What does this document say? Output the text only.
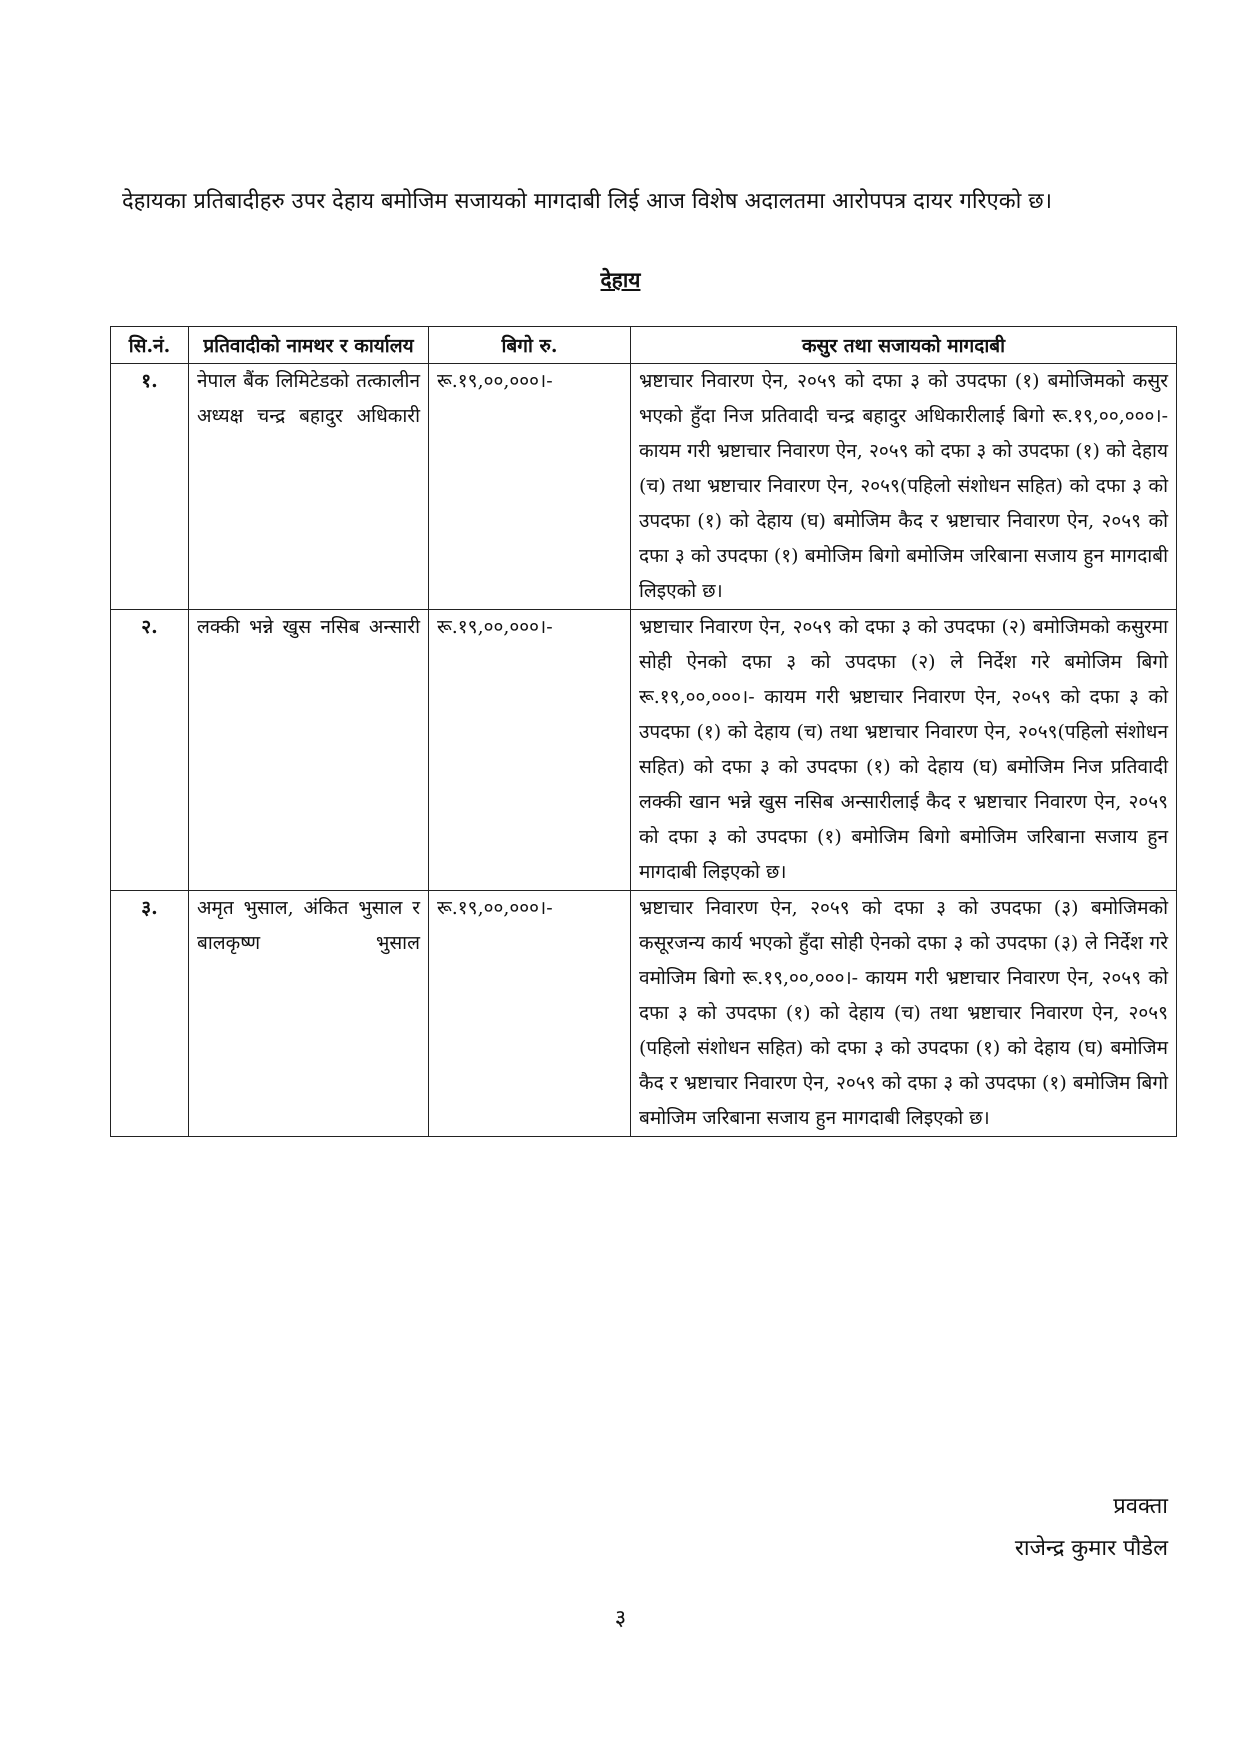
देहायका प्रतिबादीहरु उपर देहाय बमोजिम सजायको मागदाबी लिई आज विशेष अदालतमा आरोपपत्र दायर गरिएको छ।

देहाय
सि.नं.	प्रतिवादीको नामथर र कार्यालय	बिगो रु.	कसुर तथा सजायको मागदाबी
१.	नेपाल बैंक लिमिटेडको तत्कालीन अध्यक्ष चन्द्र बहादुर अधिकारी	रू.१९,००,०००।-	भ्रष्टाचार निवारण ऐन, २०५९ को दफा ३ को उपदफा (१) बमोजिमको कसुर भएको हुँदा निज प्रतिवादी चन्द्र बहादुर अधिकारीलाई बिगो रू.१९,००,०००।- कायम गरी भ्रष्टाचार निवारण ऐन, २०५९ को दफा ३ को उपदफा (१) को देहाय (च) तथा भ्रष्टाचार निवारण ऐन, २०५९(पहिलो संशोधन सहित) को दफा ३ को उपदफा (१) को देहाय (घ) बमोजिम कैद र भ्रष्टाचार निवारण ऐन, २०५९ को दफा ३ को उपदफा (१) बमोजिम बिगो बमोजिम जरिबाना सजाय हुन मागदाबी लिइएको छ।
२.	लक्की भन्ने खुस नसिब अन्सारी	रू.१९,००,०००।-	भ्रष्टाचार निवारण ऐन, २०५९ को दफा ३ को उपदफा (२) बमोजिमको कसुरमा सोही ऐनको दफा ३ को उपदफा (२) ले निर्देश गरे बमोजिम बिगो रू.१९,००,०००।- कायम गरी भ्रष्टाचार निवारण ऐन, २०५९ को दफा ३ को उपदफा (१) को देहाय (च) तथा भ्रष्टाचार निवारण ऐन, २०५९(पहिलो संशोधन सहित) को दफा ३ को उपदफा (१) को देहाय (घ) बमोजिम निज प्रतिवादी लक्की खान भन्ने खुस नसिब अन्सारीलाई कैद र भ्रष्टाचार निवारण ऐन, २०५९ को दफा ३ को उपदफा (१) बमोजिम बिगो बमोजिम जरिबाना सजाय हुन मागदाबी लिइएको छ।
३.	अमृत भुसाल, अंकित भुसाल र बालकृष्ण भुसाल	रू.१९,००,०००।-	भ्रष्टाचार निवारण ऐन, २०५९ को दफा ३ को उपदफा (३) बमोजिमको कसूरजन्य कार्य भएको हुँदा सोही ऐनको दफा ३ को उपदफा (३) ले निर्देश गरे वमोजिम बिगो रू.१९,००,०००।- कायम गरी भ्रष्टाचार निवारण ऐन, २०५९ को दफा ३ को उपदफा (१) को देहाय (च) तथा भ्रष्टाचार निवारण ऐन, २०५९ (पहिलो संशोधन सहित) को दफा ३ को उपदफा (१) को देहाय (घ) बमोजिम कैद र भ्रष्टाचार निवारण ऐन, २०५९ को दफा ३ को उपदफा (१) बमोजिम बिगो बमोजिम जरिबाना सजाय हुन मागदाबी लिइएको छ।
प्रवक्ता
राजेन्द्र कुमार पौडेल
३
